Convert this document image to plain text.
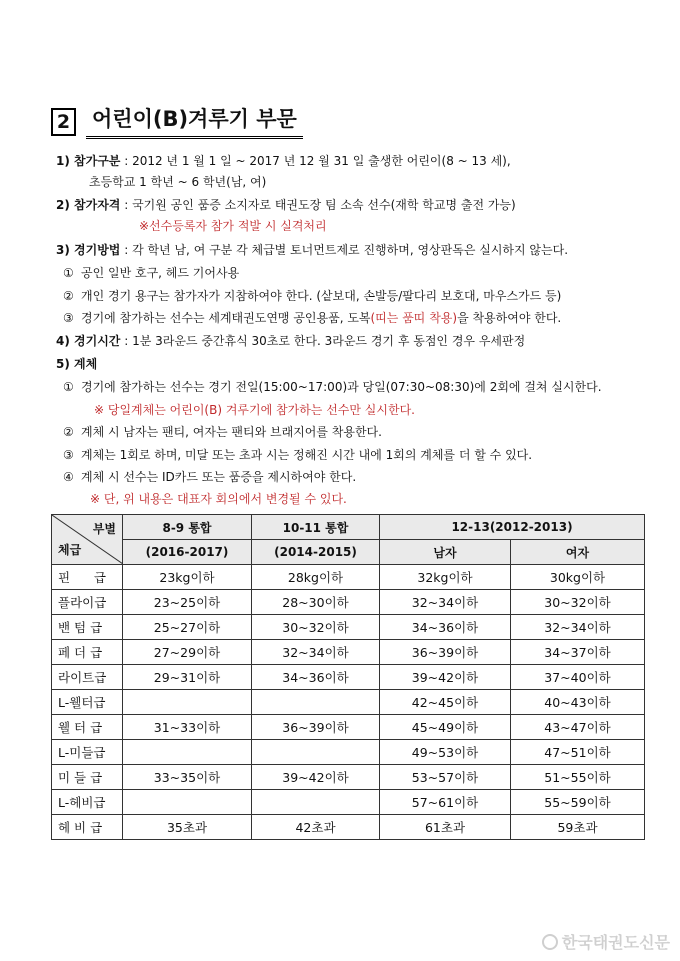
2 어린이(B)겨루기 부문
1) 참가구분 : 2012 년 1 월 1 일 ~ 2017 년 12 월 31 일 출생한 어린이(8 ~ 13 세),
초등학교 1 학년 ~ 6 학년(남, 여)
2) 참가자격 : 국기원 공인 품증 소지자로 태권도장 팀 소속 선수(재학 학교명 출전 가능)
※선수등록자 참가 적발 시 실격처리
3) 경기방법 : 각 학년 남, 여 구분 각 체급별 토너먼트제로 진행하며, 영상판독은 실시하지 않는다.
① 공인 일반 호구, 헤드 기어사용
② 개인 경기 용구는 참가자가 지참하여야 한다. (샅보대, 손발등/팔다리 보호대, 마우스가드 등)
③ 경기에 참가하는 선수는 세계태권도연맹 공인용품, 도복(띠는 품띠 착용)을 착용하여야 한다.
4) 경기시간 : 1분 3라운드 중간휴식 30초로 한다. 3라운드 경기 후 동점인 경우 우세판정
5) 계체
① 경기에 참가하는 선수는 경기 전일(15:00~17:00)과 당일(07:30~08:30)에 2회에 걸쳐 실시한다.
※ 당일계체는 어린이(B) 겨루기에 참가하는 선수만 실시한다.
② 계체 시 남자는 팬티, 여자는 팬티와 브래지어를 착용한다.
③ 계체는 1회로 하며, 미달 또는 초과 시는 정해진 시간 내에 1회의 계체를 더 할 수 있다.
④ 계체 시 선수는 ID카드 또는 품증을 제시하여야 한다.
※ 단, 위 내용은 대표자 회의에서 변경될 수 있다.
부별
체급	8-9 통합	10-11 통합	12-13(2012-2013)	
	(2016-2017)	(2014-2015)	남자	여자
핀      급	23kg이하	28kg이하	32kg이하	30kg이하
플라이급	23~25이하	28~30이하	32~34이하	30~32이하
밴 텀 급	25~27이하	30~32이하	34~36이하	32~34이하
페 더 급	27~29이하	32~34이하	36~39이하	34~37이하
라이트급	29~31이하	34~36이하	39~42이하	37~40이하
L-웰터급			42~45이하	40~43이하
웰 터 급	31~33이하	36~39이하	45~49이하	43~47이하
L-미들급			49~53이하	47~51이하
미 들 급	33~35이하	39~42이하	53~57이하	51~55이하
L-헤비급			57~61이하	55~59이하
헤 비 급	35초과	42초과	61초과	59초과
한국태권도신문
